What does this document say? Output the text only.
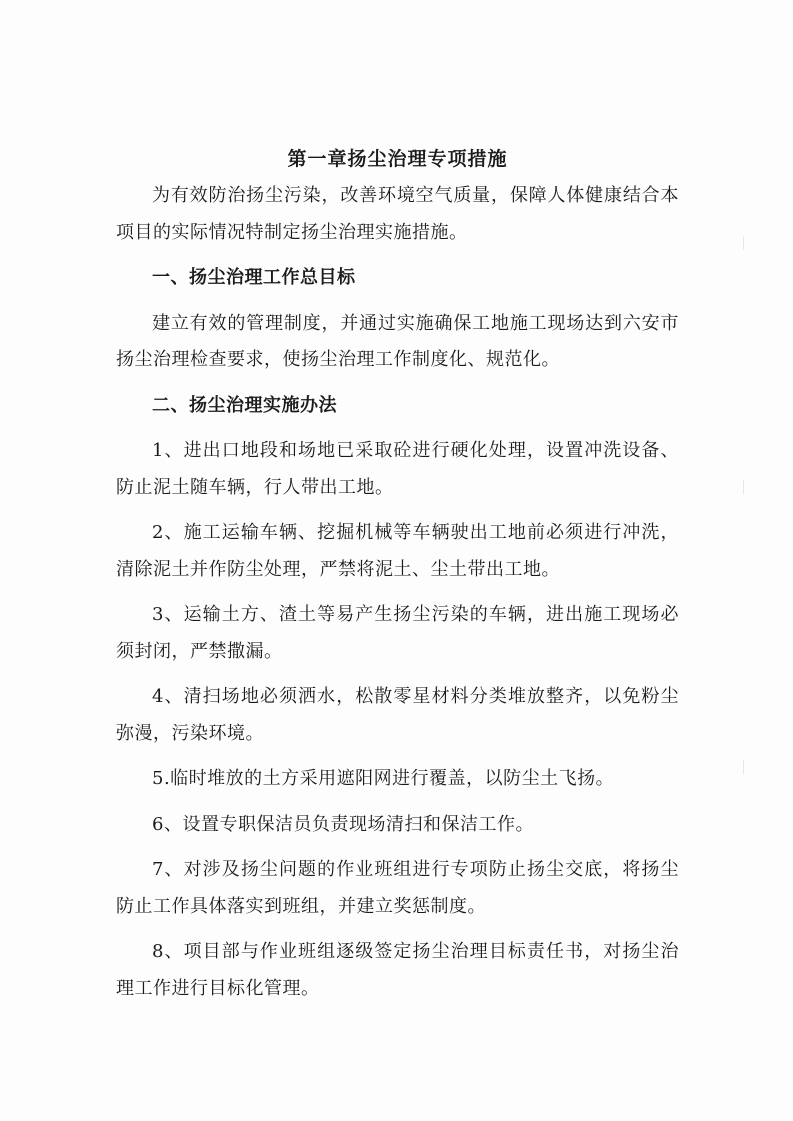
第一章扬尘治理专项措施

为有效防治扬尘污染，改善环境空气质量，保障人体健康结合本项目的实际情况特制定扬尘治理实施措施。

一、扬尘治理工作总目标

建立有效的管理制度，并通过实施确保工地施工现场达到六安市扬尘治理检查要求，使扬尘治理工作制度化、规范化。

二、扬尘治理实施办法

1、进出口地段和场地已采取砼进行硬化处理，设置冲洗设备、防止泥土随车辆，行人带出工地。

2、施工运输车辆、挖掘机械等车辆驶出工地前必须进行冲洗，清除泥土并作防尘处理，严禁将泥土、尘土带出工地。

3、运输土方、渣土等易产生扬尘污染的车辆，进出施工现场必须封闭，严禁撒漏。

4、清扫场地必须洒水，松散零星材料分类堆放整齐，以免粉尘弥漫，污染环境。

5.临时堆放的土方采用遮阳网进行覆盖，以防尘土飞扬。

6、设置专职保洁员负责现场清扫和保洁工作。

7、对涉及扬尘问题的作业班组进行专项防止扬尘交底，将扬尘防止工作具体落实到班组，并建立奖惩制度。

8、项目部与作业班组逐级签定扬尘治理目标责任书，对扬尘治理工作进行目标化管理。
